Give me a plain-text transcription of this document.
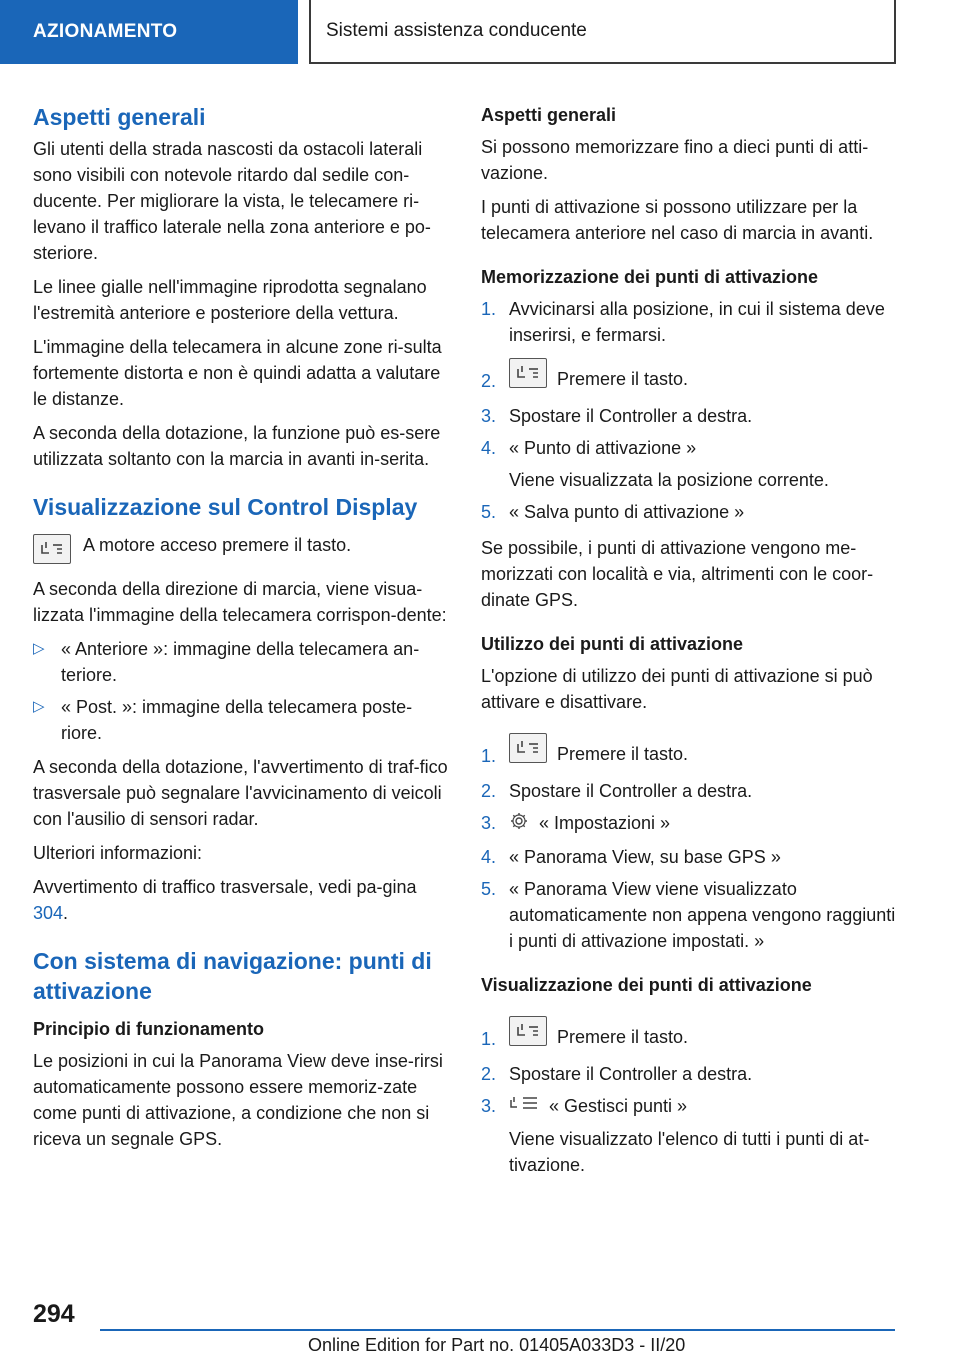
AZIONAMENTO	Sistemi assistenza conducente
Aspetti generali

Gli utenti della strada nascosti da ostacoli laterali sono visibili con notevole ritardo dal sedile con-ducente. Per migliorare la vista, le telecamere ri-levano il traffico laterale nella zona anteriore e po-steriore.

Le linee gialle nell'immagine riprodotta segnalano l'estremità anteriore e posteriore della vettura.

L'immagine della telecamera in alcune zone ri-sulta fortemente distorta e non è quindi adatta a valutare le distanze.

A seconda della dotazione, la funzione può es-sere utilizzata soltanto con la marcia in avanti in-serita.

Visualizzazione sul Control Display
A motore acceso premere il tasto.

A seconda della direzione di marcia, viene visua-lizzata l'immagine della telecamera corrispon-dente:

▷ « Anteriore »: immagine della telecamera an-teriore.
▷ « Post. »: immagine della telecamera poste-riore.

A seconda della dotazione, l'avvertimento di traf-fico trasversale può segnalare l'avvicinamento di veicoli con l'ausilio di sensori radar.

Ulteriori informazioni:

Avvertimento di traffico trasversale, vedi pa-gina 304.

Con sistema di navigazione: punti di attivazione
Principio di funzionamento

Le posizioni in cui la Panorama View deve inse-rirsi automaticamente possono essere memoriz-zate come punti di attivazione, a condizione che non si riceva un segnale GPS.

Aspetti generali

Si possono memorizzare fino a dieci punti di atti-vazione.

I punti di attivazione si possono utilizzare per la telecamera anteriore nel caso di marcia in avanti.

Memorizzazione dei punti di attivazione
1. Avvicinarsi alla posizione, in cui il sistema deve inserirsi, e fermarsi.
2.	Premere il tasto.
3. Spostare il Controller a destra.
4. « Punto di attivazione »
Viene visualizzata la posizione corrente.
5. « Salva punto di attivazione »

Se possibile, i punti di attivazione vengono me-morizzati con località e via, altrimenti con le coor-dinate GPS.

Utilizzo dei punti di attivazione

L'opzione di utilizzo dei punti di attivazione si può attivare e disattivare.

1.	Premere il tasto.
2. Spostare il Controller a destra.
3. « Impostazioni »
4. « Panorama View, su base GPS »
5. « Panorama View viene visualizzato automaticamente non appena vengono raggiunti i punti di attivazione impostati. »
Visualizzazione dei punti di attivazione
1.	Premere il tasto.
2. Spostare il Controller a destra.
3.	« Gestisci punti »
Viene visualizzato l'elenco di tutti i punti di at-tivazione.
294
Online Edition for Part no. 01405A033D3 - II/20
